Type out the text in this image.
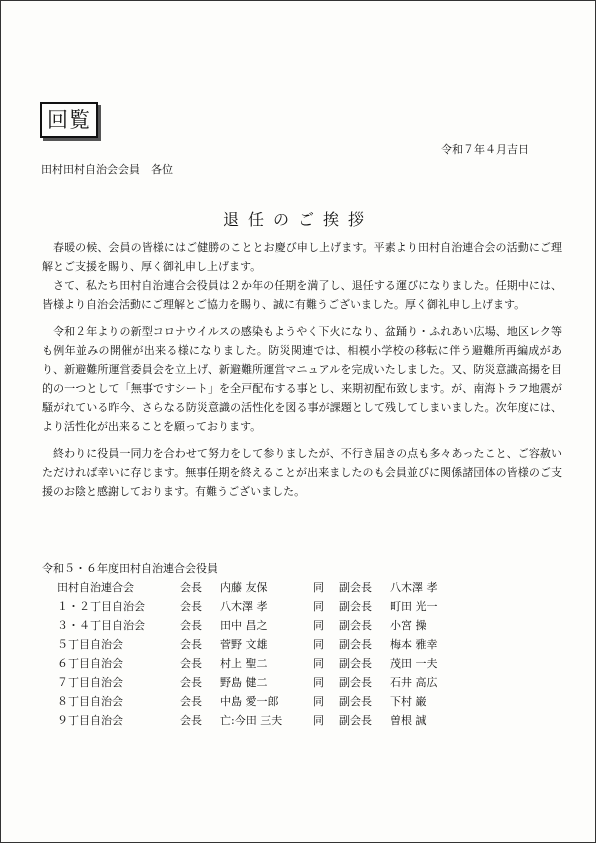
回覧
令和７年４月吉日
田村田村自治会会員　各位
退任のご挨拶

春暖の候、会員の皆様にはご健勝のこととお慶び申し上げます。平素より田村自治連合会の活動にご理解とご支援を賜り、厚く御礼申し上げます。

さて、私たち田村自治連合会役員は２か年の任期を満了し、退任する運びになりました。任期中には、皆様より自治会活動にご理解とご協力を賜り、誠に有難うございました。厚く御礼申し上げます。

令和２年よりの新型コロナウイルスの感染もようやく下火になり、盆踊り・ふれあい広場、地区レク等も例年並みの開催が出来る様になりました。防災関連では、相模小学校の移転に伴う避難所再編成があり、新避難所運営委員会を立上げ、新避難所運営マニュアルを完成いたしました。又、防災意識高揚を目的の一つとして「無事ですシート」を全戸配布する事とし、来期初配布致します。が、南海トラフ地震が騒がれている昨今、さらなる防災意識の活性化を図る事が課題として残してしまいました。次年度には、より活性化が出来ることを願っております。

終わりに役員一同力を合わせて努力をして参りましたが、不行き届きの点も多々あったこと、ご容赦いただければ幸いに存じます。無事任期を終えることが出来ましたのも会員並びに関係諸団体の皆様のご支援のお陰と感謝しております。有難うございました。

令和５・６年度田村自治連合会役員
田村自治連合会	会長 内藤 友保	同 副会長 八木澤 孝
１・２丁目自治会	会長 八木澤 孝	同 副会長 町田 光一
３・４丁目自治会	会長 田中 昌之	同 副会長 小宮 操
５丁目自治会	会長 菅野 文雄	同 副会長 梅本 雅幸
６丁目自治会	会長 村上 聖二	同 副会長 茂田 一夫
７丁目自治会	会長 野島 健二	同 副会長 石井 高広
８丁目自治会	会長 中島 愛一郎	同 副会長 下村 巌
９丁目自治会	会長 亡:今田 三夫	同 副会長 曽根 誠
